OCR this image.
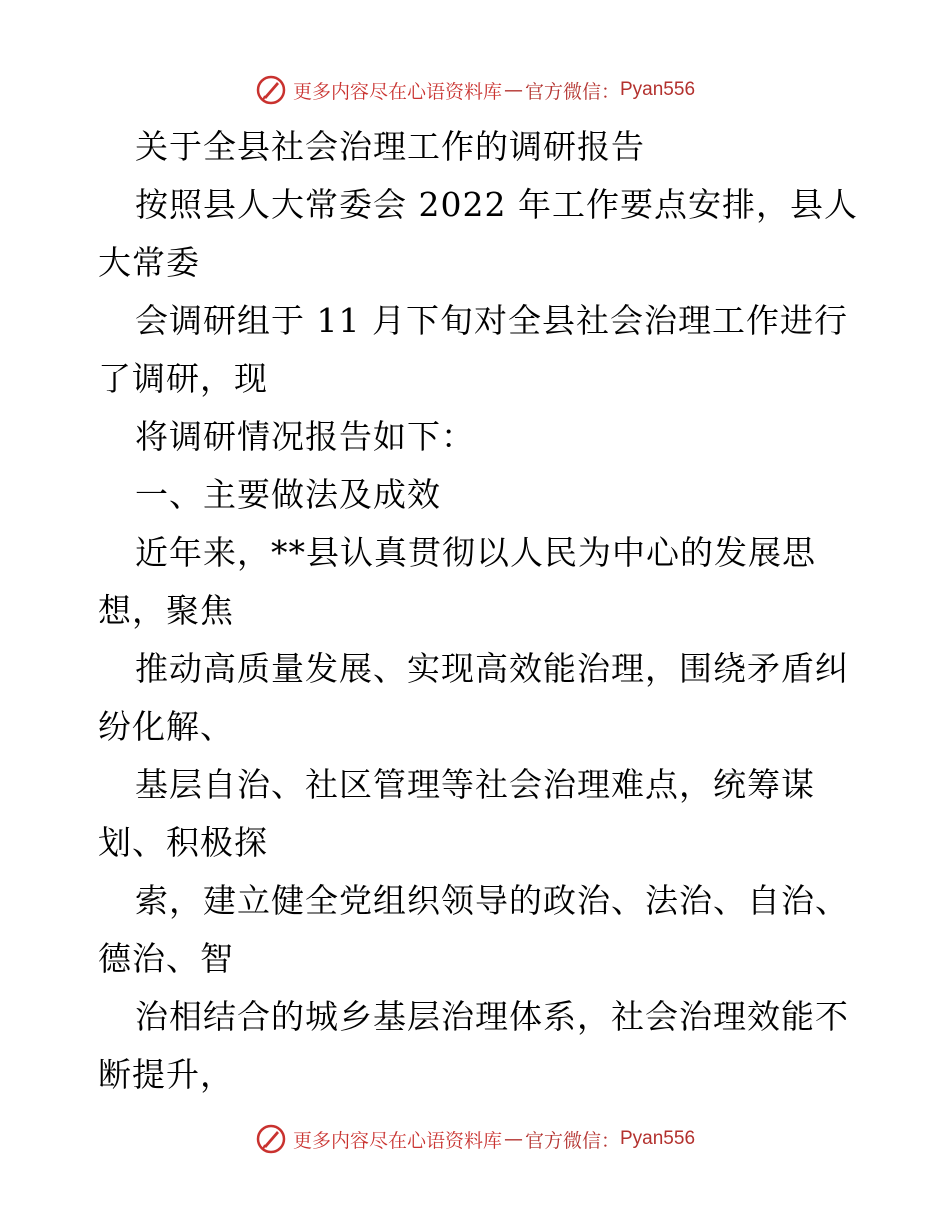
更多内容尽在心语资料库 — 官方微信： Pyan556
关于全县社会治理工作的调研报告
按照县人大常委会 2022 年工作要点安排，县人
大常委
会调研组于 11 月下旬对全县社会治理工作进行
了调研，现
将调研情况报告如下：
一、主要做法及成效
近年来，**县认真贯彻以人民为中心的发展思
想，聚焦
推动高质量发展、实现高效能治理，围绕矛盾纠
纷化解、
基层自治、社区管理等社会治理难点，统筹谋
划、积极探
索，建立健全党组织领导的政治、法治、自治、
德治、智
治相结合的城乡基层治理体系，社会治理效能不
断提升，
更多内容尽在心语资料库 — 官方微信： Pyan556
